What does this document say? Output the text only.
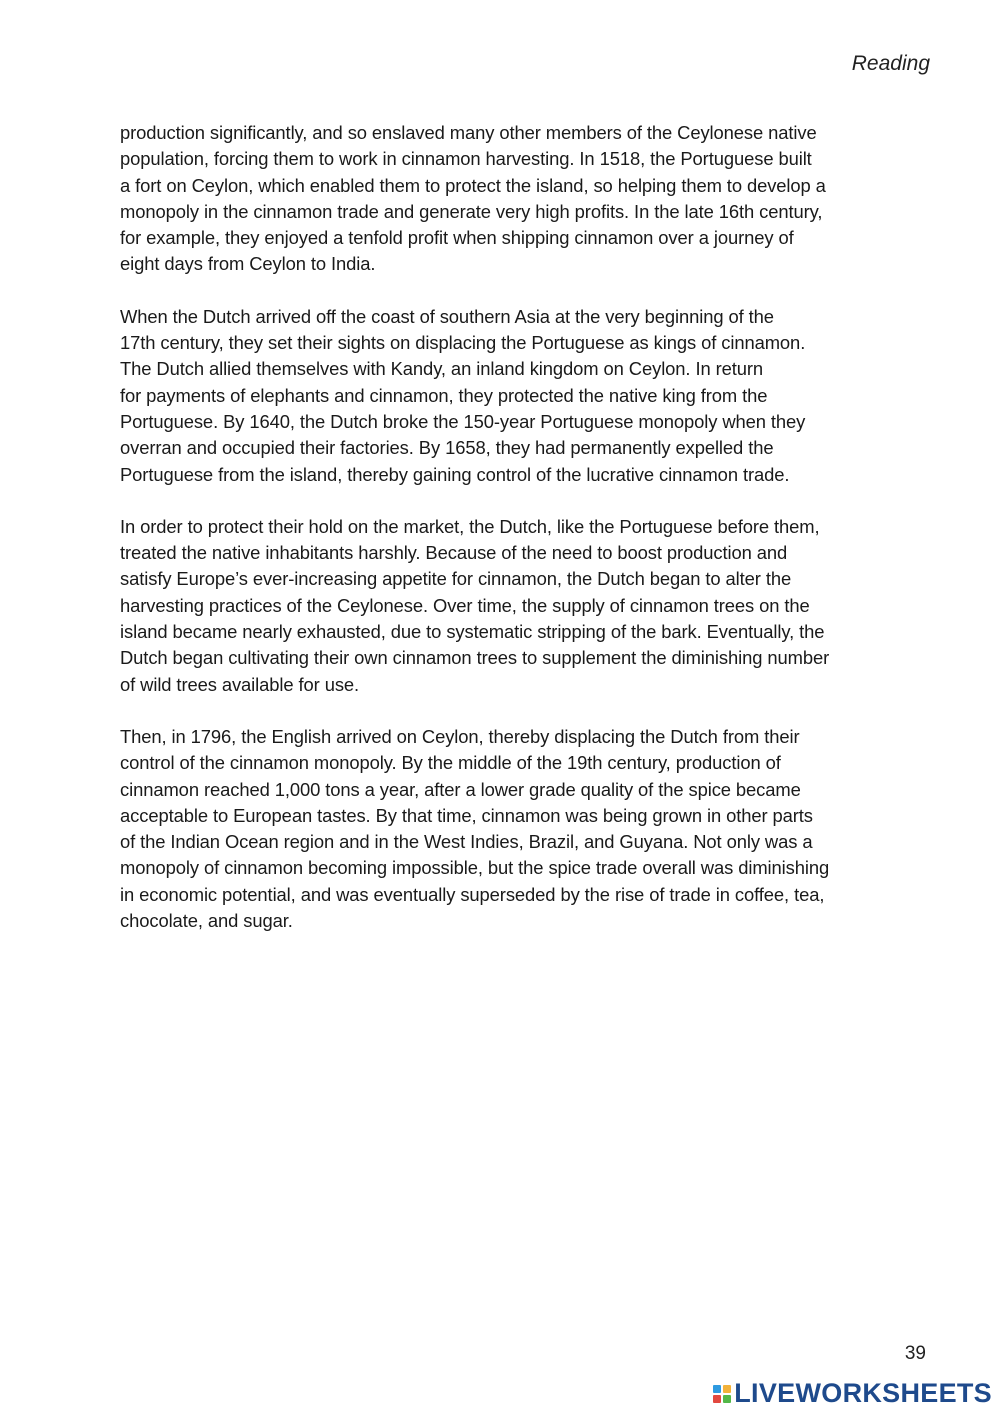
Reading

production significantly, and so enslaved many other members of the Ceylonese native
population, forcing them to work in cinnamon harvesting. In 1518, the Portuguese built
a fort on Ceylon, which enabled them to protect the island, so helping them to develop a
monopoly in the cinnamon trade and generate very high profits. In the late 16th century,
for example, they enjoyed a tenfold profit when shipping cinnamon over a journey of
eight days from Ceylon to India.

When the Dutch arrived off the coast of southern Asia at the very beginning of the
17th century, they set their sights on displacing the Portuguese as kings of cinnamon.
The Dutch allied themselves with Kandy, an inland kingdom on Ceylon. In return
for payments of elephants and cinnamon, they protected the native king from the
Portuguese. By 1640, the Dutch broke the 150-year Portuguese monopoly when they
overran and occupied their factories. By 1658, they had permanently expelled the
Portuguese from the island, thereby gaining control of the lucrative cinnamon trade.

In order to protect their hold on the market, the Dutch, like the Portuguese before them,
treated the native inhabitants harshly. Because of the need to boost production and
satisfy Europe’s ever-increasing appetite for cinnamon, the Dutch began to alter the
harvesting practices of the Ceylonese. Over time, the supply of cinnamon trees on the
island became nearly exhausted, due to systematic stripping of the bark. Eventually, the
Dutch began cultivating their own cinnamon trees to supplement the diminishing number
of wild trees available for use.

Then, in 1796, the English arrived on Ceylon, thereby displacing the Dutch from their
control of the cinnamon monopoly. By the middle of the 19th century, production of
cinnamon reached 1,000 tons a year, after a lower grade quality of the spice became
acceptable to European tastes. By that time, cinnamon was being grown in other parts
of the Indian Ocean region and in the West Indies, Brazil, and Guyana. Not only was a
monopoly of cinnamon becoming impossible, but the spice trade overall was diminishing
in economic potential, and was eventually superseded by the rise of trade in coffee, tea,
chocolate, and sugar.

39
LIVEWORKSHEETS
